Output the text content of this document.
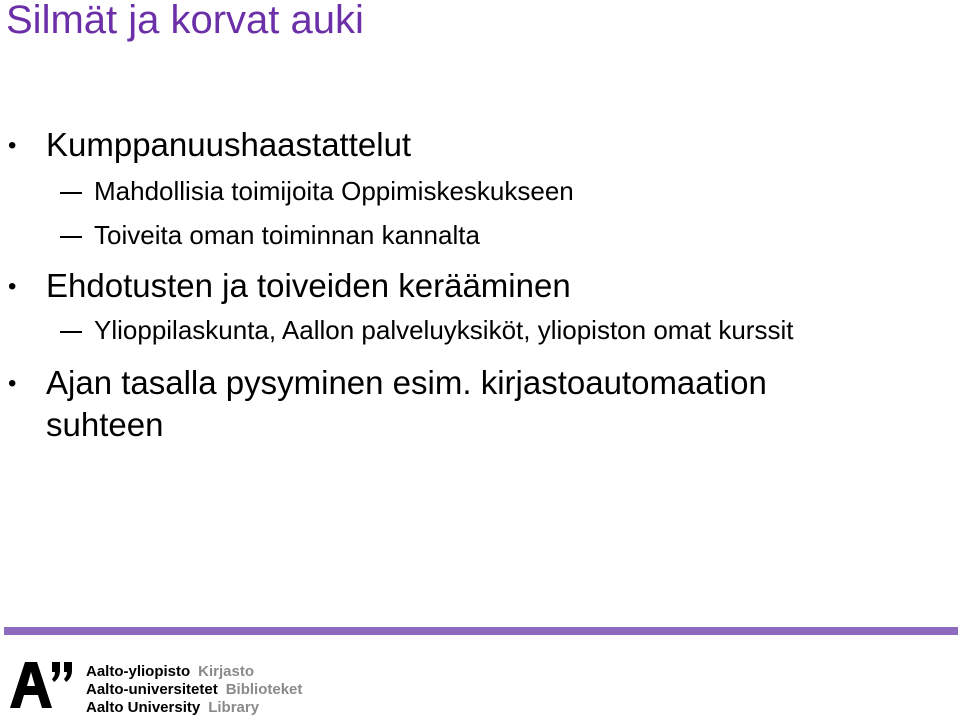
Silmät ja korvat auki
• Kumppanuushaastattelut
Mahdollisia toimijoita Oppimiskeskukseen
Toiveita oman toiminnan kannalta
• Ehdotusten ja toiveiden kerääminen
Ylioppilaskunta, Aallon palveluyksiköt, yliopiston omat kurssit
• Ajan tasalla pysyminen esim. kirjastoautomaation
suhteen
Aalto-yliopisto Kirjasto
Aalto-universitetet Biblioteket
Aalto University Library
